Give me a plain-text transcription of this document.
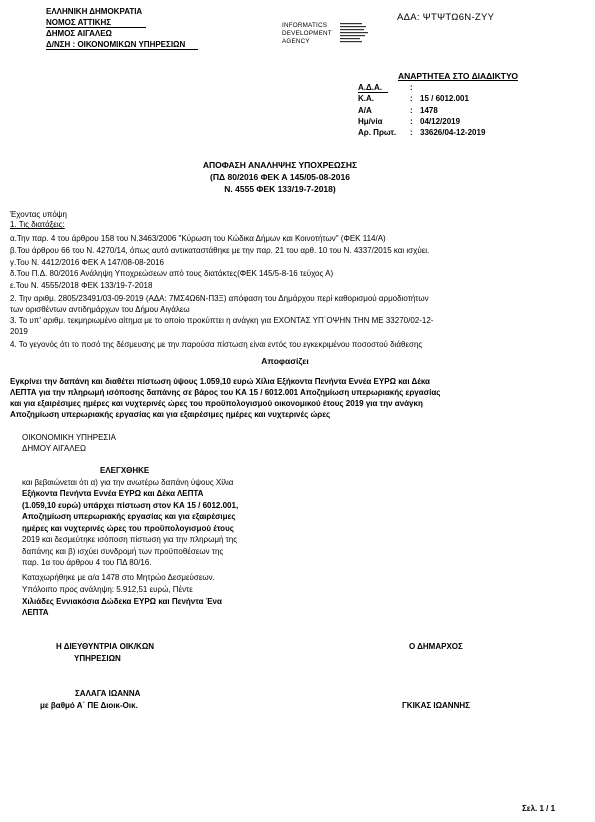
ΕΛΛΗΝΙΚΗ ΔΗΜΟΚΡΑΤΙΑ
ΝΟΜΟΣ ΑΤΤΙΚΗΣ
ΔΗΜΟΣ ΑΙΓΑΛΕΩ
Δ/ΝΣΗ : ΟΙΚΟΝΟΜΙΚΩΝ ΥΠΗΡΕΣΙΩΝ
INFORMATICS
DEVELOPMENT
AGENCY
ΑΔΑ: ΨΤΨΤΩ6Ν-ΖΥΥ
ΑΝΑΡΤΗΤΕΑ ΣΤΟ ΔΙΑΔΙΚΤΥΟ
Α.Δ.Α.	:
Κ.Α.	: 15 / 6012.001
Α/Α	: 1478
Ημ/νία	: 04/12/2019
Αρ. Πρωτ. : 33626/04-12-2019
ΑΠΟΦΑΣΗ ΑΝΑΛΗΨΗΣ ΥΠΟΧΡΕΩΣΗΣ
(ΠΔ 80/2016 ΦΕΚ Α 145/05-08-2016
Ν. 4555 ΦΕΚ 133/19-7-2018)
Έχοντας υπόψη
1. Τις διατάξεις:
α.Την παρ. 4 του άρθρου 158 του Ν.3463/2006 "Κύρωση του Κώδικα Δήμων και Κοινοτήτων" (ΦΕΚ 114/Α)
β.Του άρθρου 66 του Ν. 4270/14, όπως αυτό αντικαταστάθηκε με την παρ. 21 του αρθ. 10 του Ν. 4337/2015 και ισχύει.
γ.Του Ν. 4412/2016 ΦΕΚ Α 147/08-08-2016
δ.Του Π.Δ. 80/2016 Ανάληψη Υποχρεώσεων από τους διατάκτες(ΦΕΚ 145/5-8-16 τεύχος Α)
ε.Του Ν. 4555/2018 ΦΕΚ 133/19-7-2018
2. Την αριθμ. 2805/23491/03-09-2019 (ΑΔΑ: 7ΜΣ4Ω6Ν-Π3Ξ) απόφαση του Δημάρχου περί καθορισμού αρμοδιοτήτων
των ορισθέντων αντιδημάρχων του Δήμου Αιγάλεω
3. Το υπ' αριθμ. τεκμηριωμένο αίτημα με το οποίο προκύπτει η ανάγκη για ΕΧΟΝΤΑΣ ΥΠ΄ΟΨΗΝ ΤΗΝ ΜΕ 33270/02-12-
2019
4. Το γεγονός ότι το ποσό της δέσμευσης με την παρούσα πίστωση είναι εντός του εγκεκριμένου ποσοστού διάθεσης
Αποφασίζει
Εγκρίνει την δαπάνη και διαθέτει πίστωση ύψους 1.059,10 ευρώ Χίλια Εξήκοντα Πενήντα Εννέα ΕΥΡΩ και Δέκα
ΛΕΠΤΑ για την πληρωμή ισόποσης δαπάνης σε βάρος του ΚΑ 15 / 6012.001 Αποζημίωση υπερωριακής εργασίας
και για εξαιρέσιμες ημέρες και νυχτερινές ώρες του προϋπολογισμού οικονομικού έτους 2019 για την ανάγκη
Αποζημίωση υπερωριακής εργασίας και για εξαιρέσιμες ημέρες και νυχτερινές ώρες
ΟΙΚΟΝΟΜΙΚΗ ΥΠΗΡΕΣΙΑ
ΔΗΜΟΥ ΑΙΓΑΛΕΩ
ΕΛΕΓΧΘΗΚΕ
και βεβαιώνεται ότι α) για την ανωτέρω δαπάνη ύψους Χίλια
Εξήκοντα Πενήντα Εννέα ΕΥΡΩ και Δέκα ΛΕΠΤΑ
(1.059,10 ευρώ) υπάρχει πίστωση στον ΚΑ 15 / 6012.001,
Αποζημίωση υπερωριακής εργασίας και για εξαιρέσιμες
ημέρες και νυχτερινές ώρες του προϋπολογισμού έτους
2019 και δεσμεύτηκε ισόποση πίστωση για την πληρωμή της
δαπάνης και β) ισχύει συνδρομή των προϋποθέσεων της
παρ. 1α του άρθρου 4 του ΠΔ 80/16.
Καταχωρήθηκε με α/α 1478 στο Μητρώο Δεσμεύσεων.
Υπόλοιπο προς ανάληψη: 5.912,51 ευρώ, Πέντε
Χιλιάδες Εννιακόσια Δώδεκα ΕΥΡΩ και Πενήντα Ένα
ΛΕΠΤΑ
Η ΔΙΕΥΘΥΝΤΡΙΑ ΟΙΚ/ΚΩΝ
ΥΠΗΡΕΣΙΩΝ
Ο ΔΗΜΑΡΧΟΣ
ΣΑΛΑΓΑ ΙΩΑΝΝΑ
με βαθμό Α΄ ΠΕ Διοικ-Οικ.	ΓΚΙΚΑΣ ΙΩΑΝΝΗΣ
Σελ. 1 / 1
